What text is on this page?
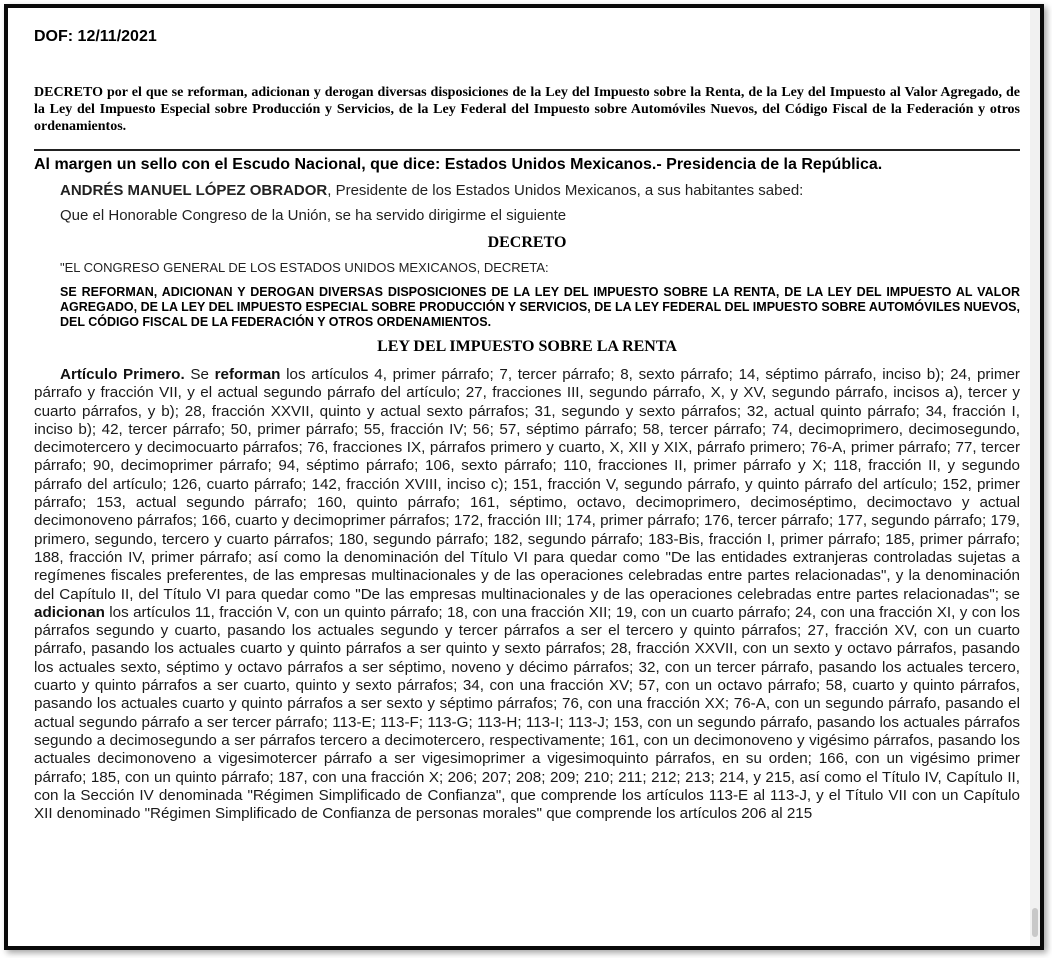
DOF: 12/11/2021
DECRETO por el que se reforman, adicionan y derogan diversas disposiciones de la Ley del Impuesto sobre la Renta, de la Ley del Impuesto al Valor Agregado, de la Ley del Impuesto Especial sobre Producción y Servicios, de la Ley Federal del Impuesto sobre Automóviles Nuevos, del Código Fiscal de la Federación y otros ordenamientos.
Al margen un sello con el Escudo Nacional, que dice: Estados Unidos Mexicanos.- Presidencia de la República.
ANDRÉS MANUEL LÓPEZ OBRADOR, Presidente de los Estados Unidos Mexicanos, a sus habitantes sabed:
Que el Honorable Congreso de la Unión, se ha servido dirigirme el siguiente
DECRETO
"EL CONGRESO GENERAL DE LOS ESTADOS UNIDOS MEXICANOS, DECRETA:
SE REFORMAN, ADICIONAN Y DEROGAN DIVERSAS DISPOSICIONES DE LA LEY DEL IMPUESTO SOBRE LA RENTA, DE LA LEY DEL IMPUESTO AL VALOR AGREGADO, DE LA LEY DEL IMPUESTO ESPECIAL SOBRE PRODUCCIÓN Y SERVICIOS, DE LA LEY FEDERAL DEL IMPUESTO SOBRE AUTOMÓVILES NUEVOS, DEL CÓDIGO FISCAL DE LA FEDERACIÓN Y OTROS ORDENAMIENTOS.
LEY DEL IMPUESTO SOBRE LA RENTA
Artículo Primero. Se reforman los artículos 4, primer párrafo; 7, tercer párrafo; 8, sexto párrafo; 14, séptimo párrafo, inciso b); 24, primer párrafo y fracción VII, y el actual segundo párrafo del artículo; 27, fracciones III, segundo párrafo, X, y XV, segundo párrafo, incisos a), tercer y cuarto párrafos, y b); 28, fracción XXVII, quinto y actual sexto párrafos; 31, segundo y sexto párrafos; 32, actual quinto párrafo; 34, fracción I, inciso b); 42, tercer párrafo; 50, primer párrafo; 55, fracción IV; 56; 57, séptimo párrafo; 58, tercer párrafo; 74, decimoprimero, decimosegundo, decimotercero y decimocuarto párrafos; 76, fracciones IX, párrafos primero y cuarto, X, XII y XIX, párrafo primero; 76-A, primer párrafo; 77, tercer párrafo; 90, decimoprimer párrafo; 94, séptimo párrafo; 106, sexto párrafo; 110, fracciones II, primer párrafo y X; 118, fracción II, y segundo párrafo del artículo; 126, cuarto párrafo; 142, fracción XVIII, inciso c); 151, fracción V, segundo párrafo, y quinto párrafo del artículo; 152, primer párrafo; 153, actual segundo párrafo; 160, quinto párrafo; 161, séptimo, octavo, decimoprimero, decimoséptimo, decimoctavo y actual decimonoveno párrafos; 166, cuarto y decimoprimer párrafos; 172, fracción III; 174, primer párrafo; 176, tercer párrafo; 177, segundo párrafo; 179, primero, segundo, tercero y cuarto párrafos; 180, segundo párrafo; 182, segundo párrafo; 183-Bis, fracción I, primer párrafo; 185, primer párrafo; 188, fracción IV, primer párrafo; así como la denominación del Título VI para quedar como "De las entidades extranjeras controladas sujetas a regímenes fiscales preferentes, de las empresas multinacionales y de las operaciones celebradas entre partes relacionadas", y la denominación del Capítulo II, del Título VI para quedar como "De las empresas multinacionales y de las operaciones celebradas entre partes relacionadas"; se adicionan los artículos 11, fracción V, con un quinto párrafo; 18, con una fracción XII; 19, con un cuarto párrafo; 24, con una fracción XI, y con los párrafos segundo y cuarto, pasando los actuales segundo y tercer párrafos a ser el tercero y quinto párrafos; 27, fracción XV, con un cuarto párrafo, pasando los actuales cuarto y quinto párrafos a ser quinto y sexto párrafos; 28, fracción XXVII, con un sexto y octavo párrafos, pasando los actuales sexto, séptimo y octavo párrafos a ser séptimo, noveno y décimo párrafos; 32, con un tercer párrafo, pasando los actuales tercero, cuarto y quinto párrafos a ser cuarto, quinto y sexto párrafos; 34, con una fracción XV; 57, con un octavo párrafo; 58, cuarto y quinto párrafos, pasando los actuales cuarto y quinto párrafos a ser sexto y séptimo párrafos; 76, con una fracción XX; 76-A, con un segundo párrafo, pasando el actual segundo párrafo a ser tercer párrafo; 113-E; 113-F; 113-G; 113-H; 113-I; 113-J; 153, con un segundo párrafo, pasando los actuales párrafos segundo a decimosegundo a ser párrafos tercero a decimotercero, respectivamente; 161, con un decimonoveno y vigésimo párrafos, pasando los actuales decimonoveno a vigesimotercer párrafo a ser vigesimoprimer a vigesimoquinto párrafos, en su orden; 166, con un vigésimo primer párrafo; 185, con un quinto párrafo; 187, con una fracción X; 206; 207; 208; 209; 210; 211; 212; 213; 214, y 215, así como el Título IV, Capítulo II, con la Sección IV denominada "Régimen Simplificado de Confianza", que comprende los artículos 113-E al 113-J, y el Título VII con un Capítulo XII denominado "Régimen Simplificado de Confianza de personas morales" que comprende los artículos 206 al 215
